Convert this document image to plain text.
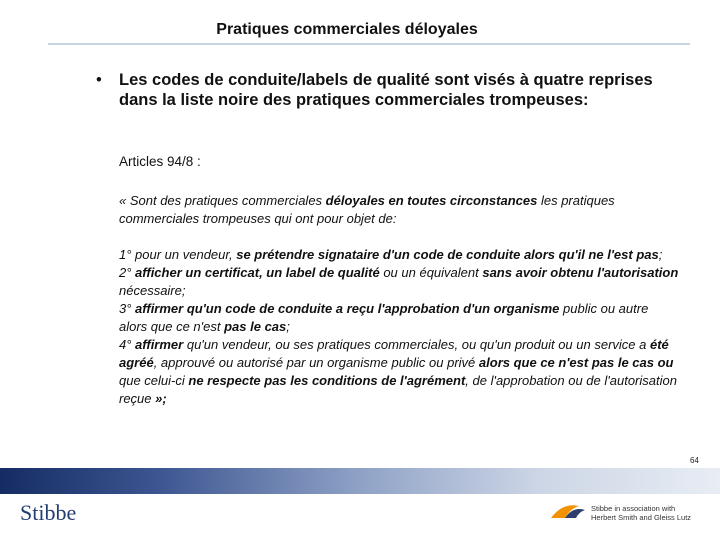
Pratiques commerciales déloyales
• Les codes de conduite/labels de qualité sont visés à quatre reprises dans la liste noire des pratiques commerciales trompeuses:
Articles 94/8 :
« Sont des pratiques commerciales déloyales en toutes circonstances les pratiques commerciales trompeuses qui ont pour objet de:
1° pour un vendeur, se prétendre signataire d'un code de conduite alors qu'il ne l'est pas;
2° afficher un certificat, un label de qualité ou un équivalent sans avoir obtenu l'autorisation nécessaire;
3° affirmer qu'un code de conduite a reçu l'approbation d'un organisme public ou autre alors que ce n'est pas le cas;
4° affirmer qu'un vendeur, ou ses pratiques commerciales, ou qu'un produit ou un service a été agréé, approuvé ou autorisé par un organisme public ou privé alors que ce n'est pas le cas ou que celui-ci ne respecte pas les conditions de l'agrément, de l'approbation ou de l'autorisation reçue »;
64
Stibbe	Stibbe in association with
Herbert Smith and Gleiss Lutz
